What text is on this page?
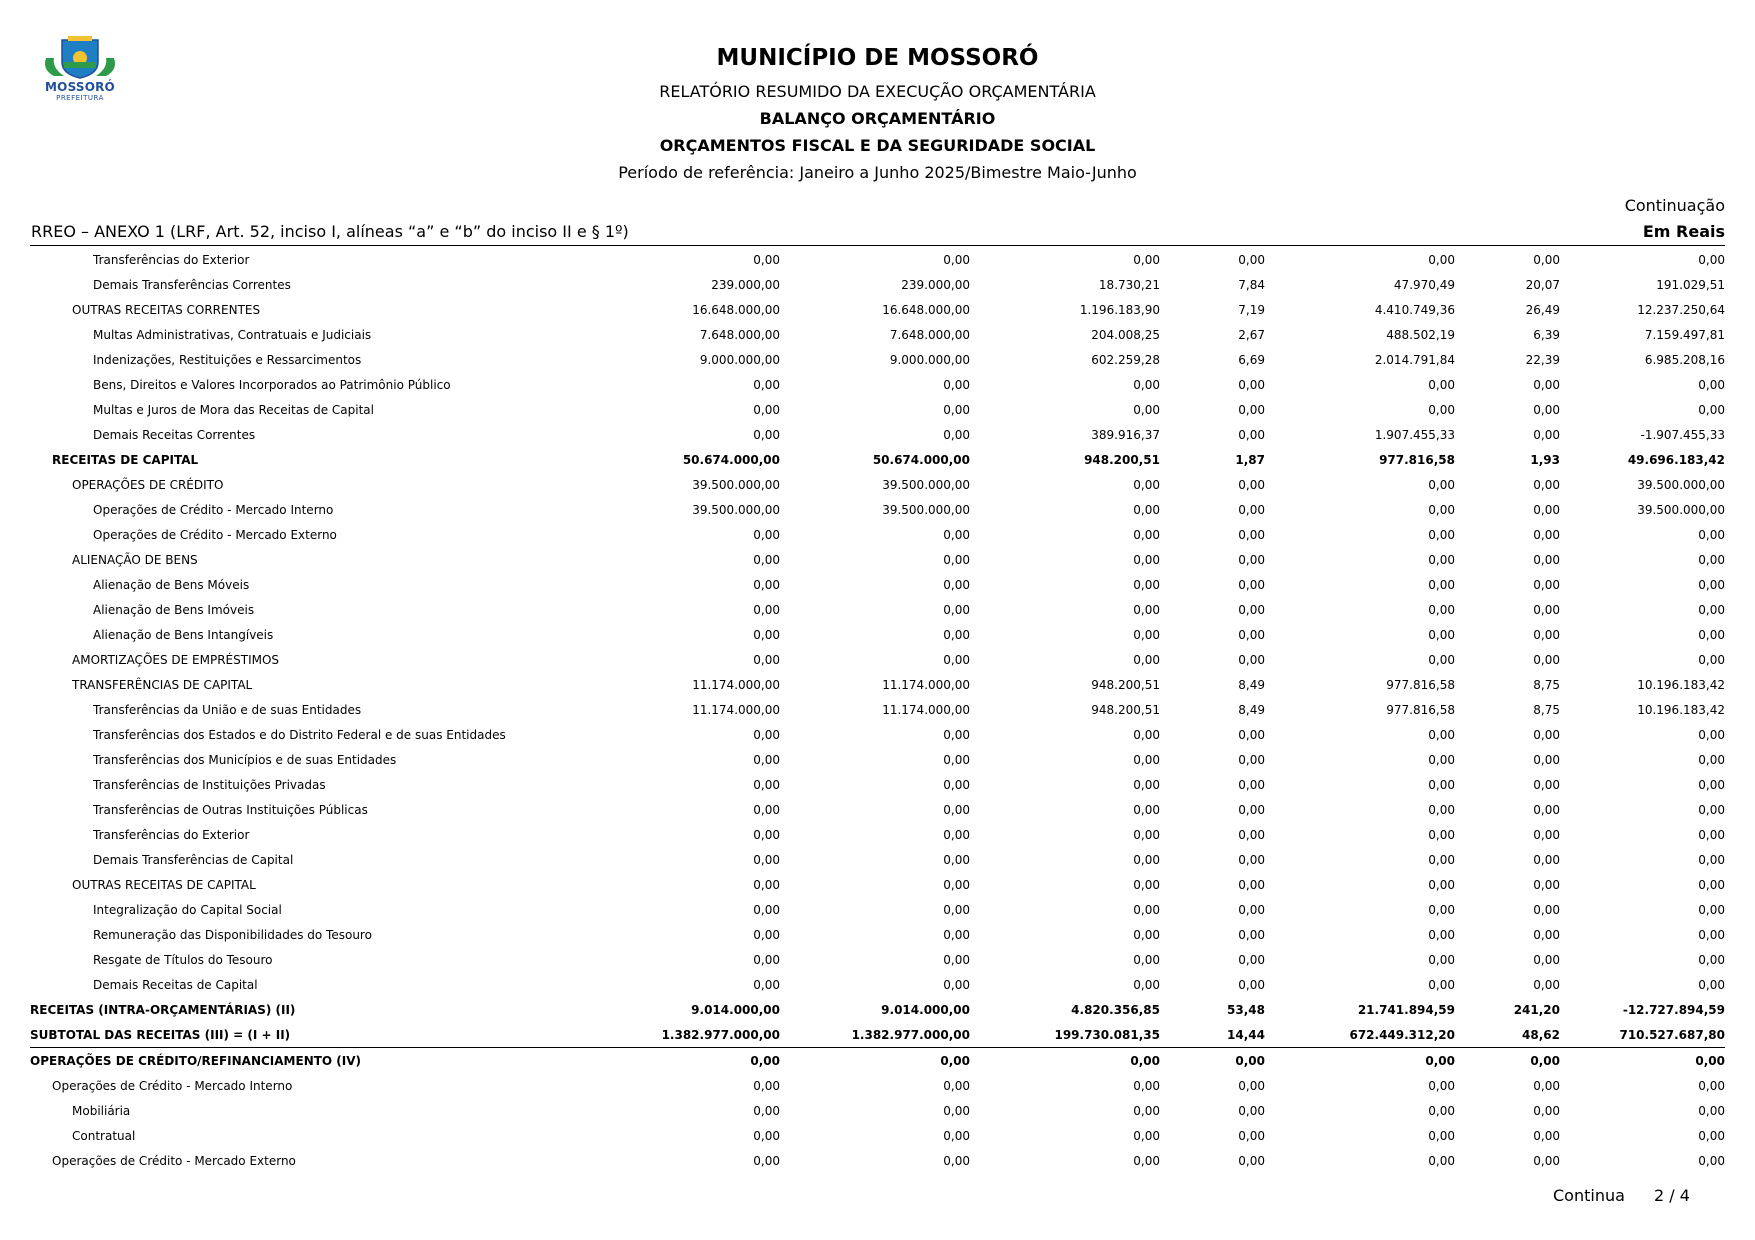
MOSSORÓ
PREFEITURA
MUNICÍPIO DE MOSSORÓ
RELATÓRIO RESUMIDO DA EXECUÇÃO ORÇAMENTÁRIA
BALANÇO ORÇAMENTÁRIO
ORÇAMENTOS FISCAL E DA SEGURIDADE SOCIAL
Período de referência: Janeiro a Junho 2025/Bimestre Maio-Junho
Continuação
RREO – ANEXO 1 (LRF, Art. 52, inciso I, alíneas “a” e “b” do inciso II e § 1º)	Em Reais
Transferências do Exterior	0,00	0,00	0,00	0,00	0,00	0,00	0,00
Demais Transferências Correntes	239.000,00	239.000,00	18.730,21	7,84	47.970,49	20,07	191.029,51
OUTRAS RECEITAS CORRENTES	16.648.000,00	16.648.000,00	1.196.183,90	7,19	4.410.749,36	26,49	12.237.250,64
Multas Administrativas, Contratuais e Judiciais	7.648.000,00	7.648.000,00	204.008,25	2,67	488.502,19	6,39	7.159.497,81
Indenizações, Restituições e Ressarcimentos	9.000.000,00	9.000.000,00	602.259,28	6,69	2.014.791,84	22,39	6.985.208,16
Bens, Direitos e Valores Incorporados ao Patrimônio Público	0,00	0,00	0,00	0,00	0,00	0,00	0,00
Multas e Juros de Mora das Receitas de Capital	0,00	0,00	0,00	0,00	0,00	0,00	0,00
Demais Receitas Correntes	0,00	0,00	389.916,37	0,00	1.907.455,33	0,00	-1.907.455,33
RECEITAS DE CAPITAL	50.674.000,00	50.674.000,00	948.200,51	1,87	977.816,58	1,93	49.696.183,42
OPERAÇÕES DE CRÉDITO	39.500.000,00	39.500.000,00	0,00	0,00	0,00	0,00	39.500.000,00
Operações de Crédito - Mercado Interno	39.500.000,00	39.500.000,00	0,00	0,00	0,00	0,00	39.500.000,00
Operações de Crédito - Mercado Externo	0,00	0,00	0,00	0,00	0,00	0,00	0,00
ALIENAÇÃO DE BENS	0,00	0,00	0,00	0,00	0,00	0,00	0,00
Alienação de Bens Móveis	0,00	0,00	0,00	0,00	0,00	0,00	0,00
Alienação de Bens Imóveis	0,00	0,00	0,00	0,00	0,00	0,00	0,00
Alienação de Bens Intangíveis	0,00	0,00	0,00	0,00	0,00	0,00	0,00
AMORTIZAÇÕES DE EMPRÉSTIMOS	0,00	0,00	0,00	0,00	0,00	0,00	0,00
TRANSFERÊNCIAS DE CAPITAL	11.174.000,00	11.174.000,00	948.200,51	8,49	977.816,58	8,75	10.196.183,42
Transferências da União e de suas Entidades	11.174.000,00	11.174.000,00	948.200,51	8,49	977.816,58	8,75	10.196.183,42
Transferências dos Estados e do Distrito Federal e de suas Entidades	0,00	0,00	0,00	0,00	0,00	0,00	0,00
Transferências dos Municípios e de suas Entidades	0,00	0,00	0,00	0,00	0,00	0,00	0,00
Transferências de Instituições Privadas	0,00	0,00	0,00	0,00	0,00	0,00	0,00
Transferências de Outras Instituições Públicas	0,00	0,00	0,00	0,00	0,00	0,00	0,00
Transferências do Exterior	0,00	0,00	0,00	0,00	0,00	0,00	0,00
Demais Transferências de Capital	0,00	0,00	0,00	0,00	0,00	0,00	0,00
OUTRAS RECEITAS DE CAPITAL	0,00	0,00	0,00	0,00	0,00	0,00	0,00
Integralização do Capital Social	0,00	0,00	0,00	0,00	0,00	0,00	0,00
Remuneração das Disponibilidades do Tesouro	0,00	0,00	0,00	0,00	0,00	0,00	0,00
Resgate de Títulos do Tesouro	0,00	0,00	0,00	0,00	0,00	0,00	0,00
Demais Receitas de Capital	0,00	0,00	0,00	0,00	0,00	0,00	0,00
RECEITAS (INTRA-ORÇAMENTÁRIAS) (II)	9.014.000,00	9.014.000,00	4.820.356,85	53,48	21.741.894,59	241,20	-12.727.894,59
SUBTOTAL DAS RECEITAS (III) = (I + II)	1.382.977.000,00	1.382.977.000,00	199.730.081,35	14,44	672.449.312,20	48,62	710.527.687,80
OPERAÇÕES DE CRÉDITO/REFINANCIAMENTO (IV)	0,00	0,00	0,00	0,00	0,00	0,00	0,00
Operações de Crédito - Mercado Interno	0,00	0,00	0,00	0,00	0,00	0,00	0,00
Mobiliária	0,00	0,00	0,00	0,00	0,00	0,00	0,00
Contratual	0,00	0,00	0,00	0,00	0,00	0,00	0,00
Operações de Crédito - Mercado Externo	0,00	0,00	0,00	0,00	0,00	0,00	0,00
Continua 2 / 4
